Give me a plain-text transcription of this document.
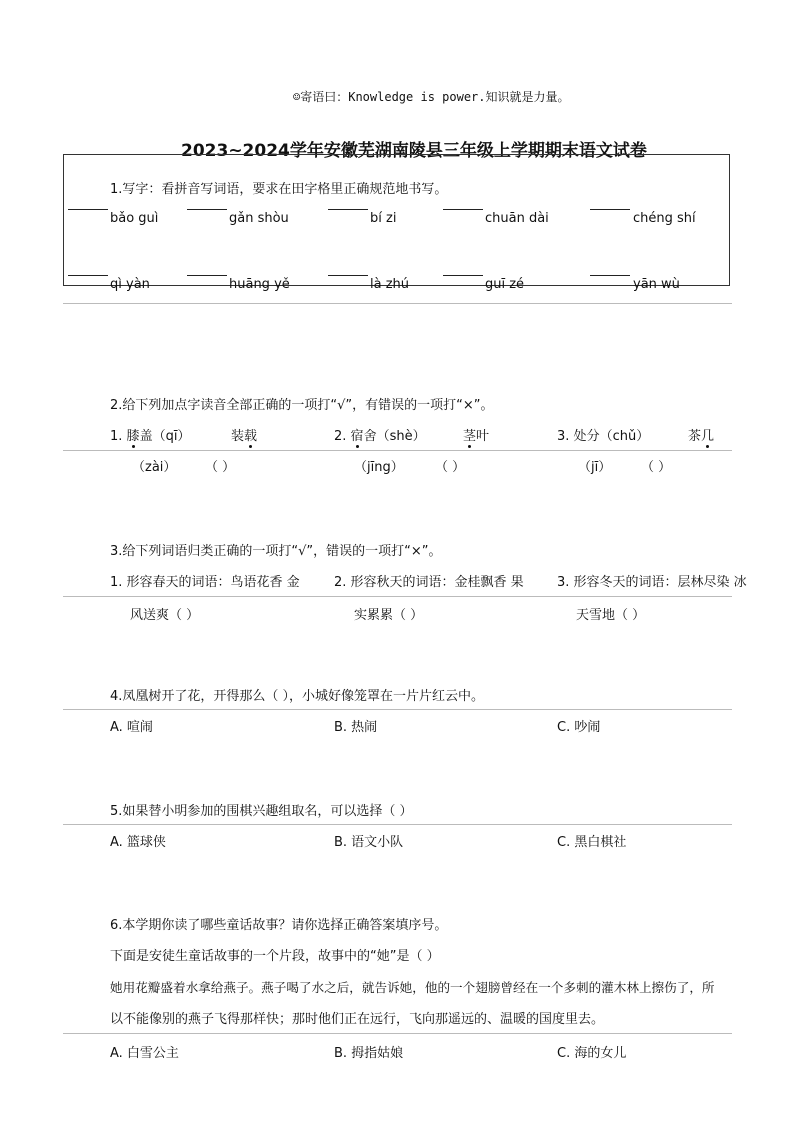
☺寄语曰：Knowledge is power.知识就是力量。
2023~2024学年安徽芜湖南陵县三年级上学期期末语文试卷
1.写字：看拼音写词语，要求在田字格里正确规范地书写。
bǎo guì	gǎn shòu	bí zi	chuān dài	chéng shí
qì yàn	huāng yě	là zhú	guī zé	yān wù
2.给下列加点字读音全部正确的一项打“√”，有错误的一项打“×”。
1. 膝盖（qī）	装载	2. 宿舍（shè）	茎叶	3. 处分（chǔ）	茶几
（zài） （ ）	（jīng） （ ）	（jī） （ ）
3.给下列词语归类正确的一项打“√”，错误的一项打“×”。
1. 形容春天的词语：鸟语花香 金	2. 形容秋天的词语：金桂飘香 果	3. 形容冬天的词语：层林尽染 冰
风送爽（ ）	实累累（ ）	天雪地（ ）
4.凤凰树开了花，开得那么（ ），小城好像笼罩在一片片红云中。
A. 喧闹	B. 热闹	C. 吵闹
5.如果替小明参加的围棋兴趣组取名，可以选择（ ）
A. 篮球侠	B. 语文小队	C. 黑白棋社
6.本学期你读了哪些童话故事？请你选择正确答案填序号。
下面是安徒生童话故事的一个片段，故事中的“她”是（ ）
她用花瓣盛着水拿给燕子。燕子喝了水之后，就告诉她，他的一个翅膀曾经在一个多刺的灌木林上擦伤了，所
以不能像别的燕子飞得那样快；那时他们正在远行，飞向那遥远的、温暖的国度里去。
A. 白雪公主	B. 拇指姑娘	C. 海的女儿
